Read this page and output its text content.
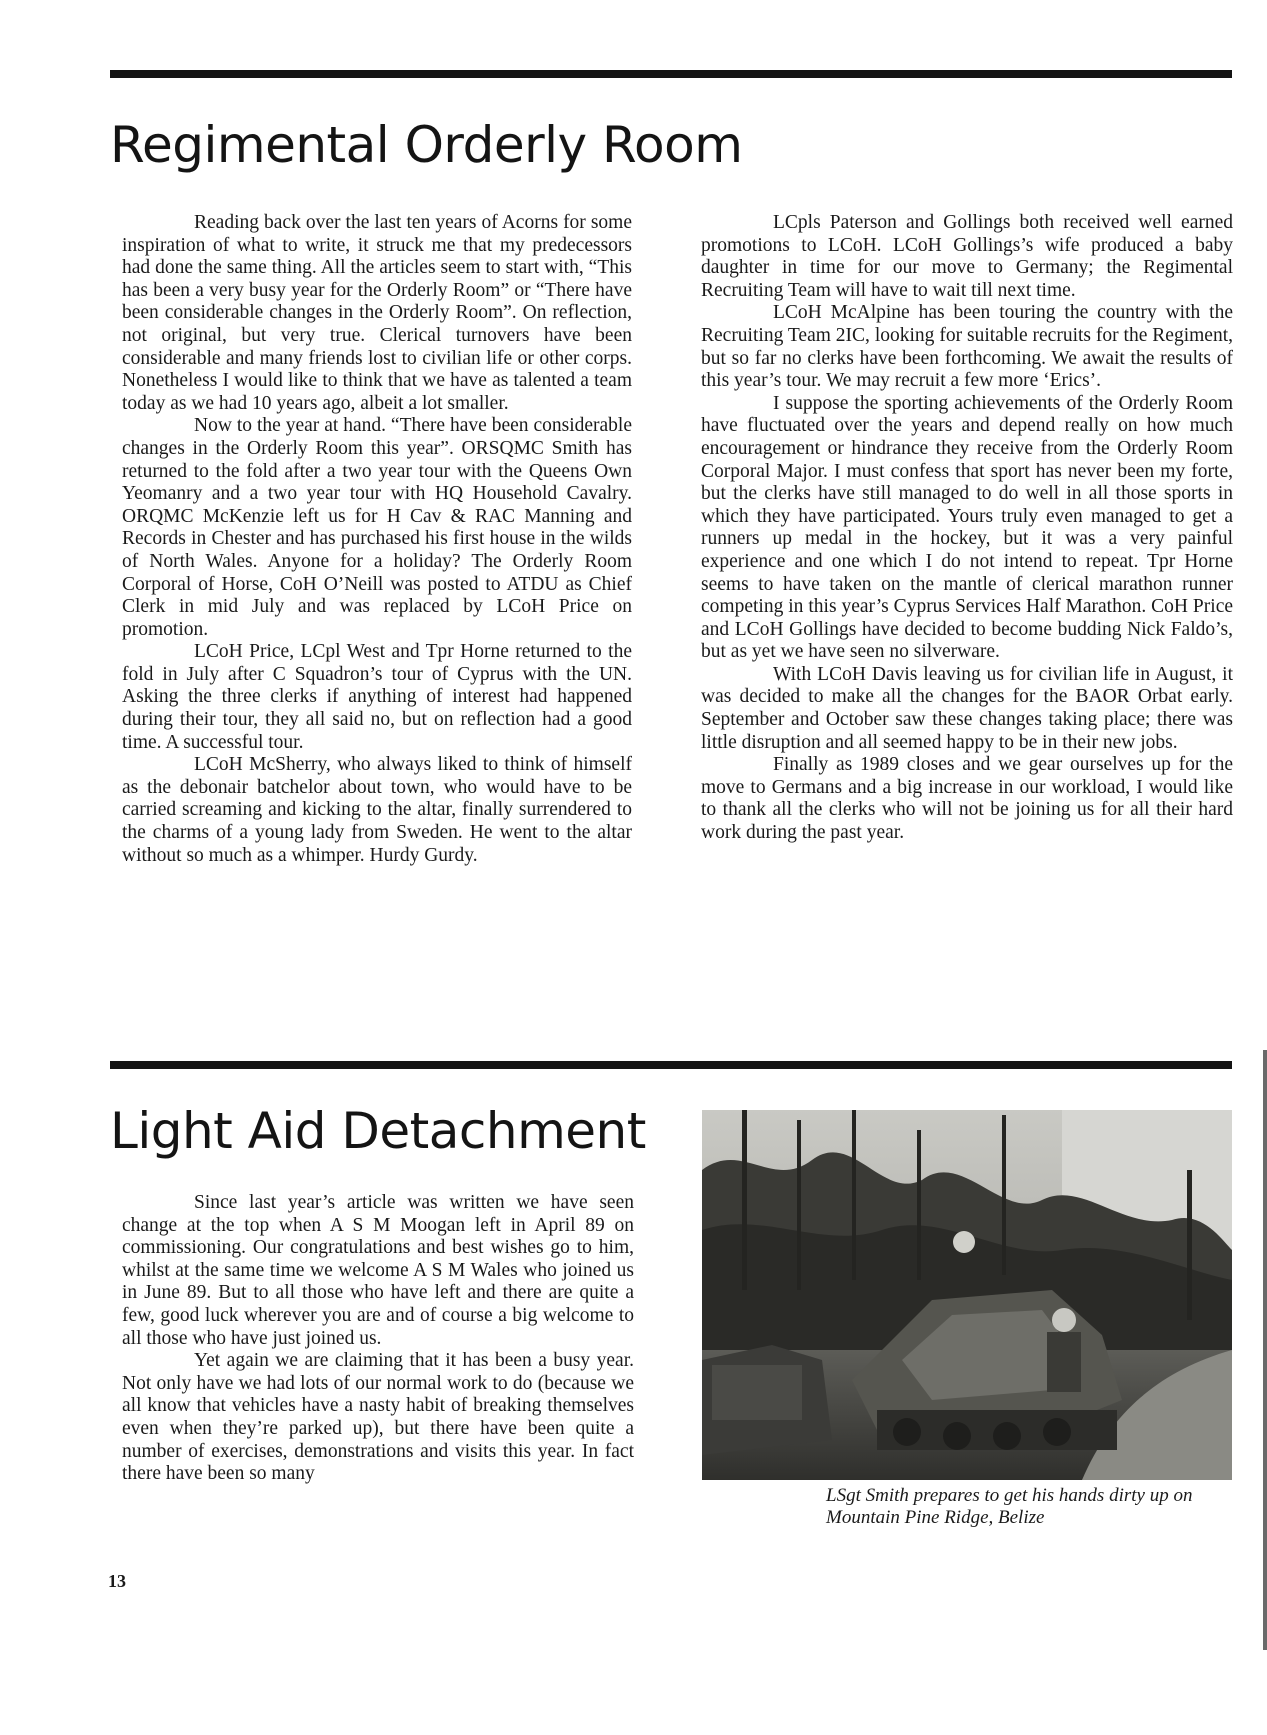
Regimental Orderly Room

Reading back over the last ten years of Acorns for some inspiration of what to write, it struck me that my predecessors had done the same thing. All the articles seem to start with, “This has been a very busy year for the Orderly Room” or “There have been considerable changes in the Orderly Room”. On reflection, not original, but very true. Clerical turnovers have been considerable and many friends lost to civilian life or other corps. Nonetheless I would like to think that we have as talented a team today as we had 10 years ago, albeit a lot smaller.

Now to the year at hand. “There have been considerable changes in the Orderly Room this year”. ORSQMC Smith has returned to the fold after a two year tour with the Queens Own Yeomanry and a two year tour with HQ Household Cavalry. ORQMC McKenzie left us for H Cav & RAC Manning and Records in Chester and has purchased his first house in the wilds of North Wales. Anyone for a holiday? The Orderly Room Corporal of Horse, CoH O’Neill was posted to ATDU as Chief Clerk in mid July and was replaced by LCoH Price on promotion.

LCoH Price, LCpl West and Tpr Horne returned to the fold in July after C Squadron’s tour of Cyprus with the UN. Asking the three clerks if anything of interest had happened during their tour, they all said no, but on reflection had a good time. A successful tour.

LCoH McSherry, who always liked to think of himself as the debonair batchelor about town, who would have to be carried screaming and kicking to the altar, finally surrendered to the charms of a young lady from Sweden. He went to the altar without so much as a whimper. Hurdy Gurdy.

LCpls Paterson and Gollings both received well earned promotions to LCoH. LCoH Gollings’s wife produced a baby daughter in time for our move to Germany; the Regimental Recruiting Team will have to wait till next time.

LCoH McAlpine has been touring the country with the Recruiting Team 2IC, looking for suitable recruits for the Regiment, but so far no clerks have been forthcoming. We await the results of this year’s tour. We may recruit a few more ‘Erics’.

I suppose the sporting achievements of the Orderly Room have fluctuated over the years and depend really on how much encouragement or hindrance they receive from the Orderly Room Corporal Major. I must confess that sport has never been my forte, but the clerks have still managed to do well in all those sports in which they have participated. Yours truly even managed to get a runners up medal in the hockey, but it was a very painful experience and one which I do not intend to repeat. Tpr Horne seems to have taken on the mantle of clerical marathon runner competing in this year’s Cyprus Services Half Marathon. CoH Price and LCoH Gollings have decided to become budding Nick Faldo’s, but as yet we have seen no silverware.

With LCoH Davis leaving us for civilian life in August, it was decided to make all the changes for the BAOR Orbat early. September and October saw these changes taking place; there was little disruption and all seemed happy to be in their new jobs.

Finally as 1989 closes and we gear ourselves up for the move to Germans and a big increase in our workload, I would like to thank all the clerks who will not be joining us for all their hard work during the past year.

Light Aid Detachment

Since last year’s article was written we have seen change at the top when A S M Moogan left in April 89 on commissioning. Our congratulations and best wishes go to him, whilst at the same time we welcome A S M Wales who joined us in June 89. But to all those who have left and there are quite a few, good luck wherever you are and of course a big welcome to all those who have just joined us.

Yet again we are claiming that it has been a busy year. Not only have we had lots of our normal work to do (because we all know that vehicles have a nasty habit of breaking themselves even when they’re parked up), but there have been quite a number of exercises, demonstrations and visits this year. In fact there have been so many

LSgt Smith prepares to get his hands dirty up on Mountain Pine Ridge, Belize
13
